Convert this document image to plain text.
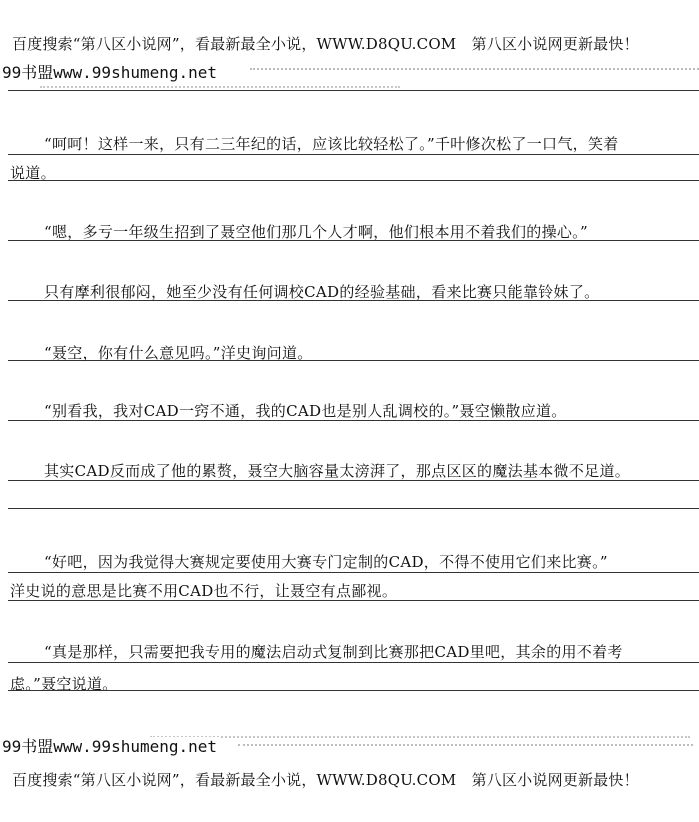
百度搜索“第八区小说网”，看最新最全小说，WWW.D8QU.COM　第八区小说网更新最快！
99书盟www.99shumeng.net
“呵呵！这样一来，只有二三年纪的话，应该比较轻松了。”千叶修次松了一口气，笑着
说道。
“嗯，多亏一年级生招到了聂空他们那几个人才啊，他们根本用不着我们的操心。”
只有摩利很郁闷，她至少没有任何调校CAD的经验基础，看来比赛只能靠铃妹了。
“聂空，你有什么意见吗。”洋史询问道。
“别看我，我对CAD一窍不通，我的CAD也是别人乱调校的。”聂空懒散应道。
其实CAD反而成了他的累赘，聂空大脑容量太滂湃了，那点区区的魔法基本微不足道。
“好吧，因为我觉得大赛规定要使用大赛专门定制的CAD，不得不使用它们来比赛。”
洋史说的意思是比赛不用CAD也不行，让聂空有点鄙视。
“真是那样，只需要把我专用的魔法启动式复制到比赛那把CAD里吧，其余的用不着考
虑。”聂空说道。
99书盟www.99shumeng.net
百度搜索“第八区小说网”，看最新最全小说，WWW.D8QU.COM　第八区小说网更新最快！
